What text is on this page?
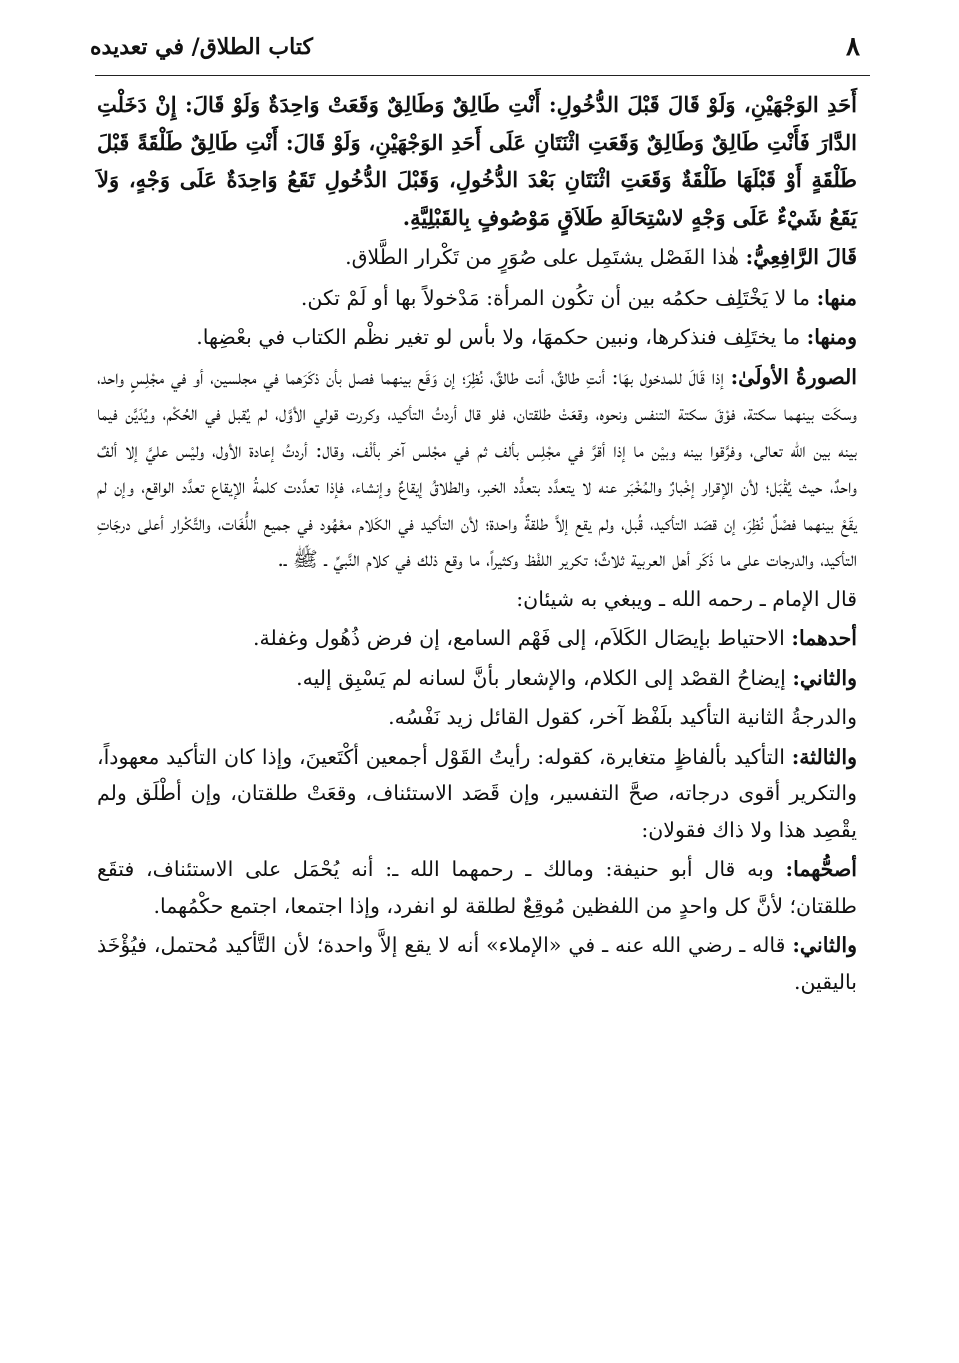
٨
كتاب الطلاق/ في تعديده

أَحَدِ الوَجْهَيْنِ، وَلَوْ قَالَ قَبْلَ الدُّخُولِ: أَنْتِ طَالِقٌ وَطَالِقٌ وَقَعَتْ وَاحِدَةٌ وَلَوْ قَالَ: إِنْ دَخَلْتِ الدَّارَ فَأَنْتِ طَالِقٌ وَطَالِقٌ وَقَعَتِ اثْنَتَانِ عَلَى أَحَدِ الوَجْهَيْنِ، وَلَوْ قَالَ: أَنْتِ طَالِقٌ طَلْقَةً قَبْلَ طَلْقَةٍ أَوْ قَبْلَهَا طَلْقَةٌ وَقَعَتِ اثْنَتَانِ بَعْدَ الدُّخُولِ، وَقَبْلَ الدُّخُولِ تَقَعُ وَاحِدَةٌ عَلَى وَجْهٍ، وَلاَ يَقَعُ شَيْءٌ عَلَى وَجْهٍ لاسْتِحَالَةِ طَلاَقٍ مَوْصُوفٍ بِالقَبْلِيَّةِ.

قَالَ الرَّافِعِيُّ: هٰذا الفَصْل يشتَمِل على صُوَرٍ من تَكْرار الطَّلاق.

منها: ما لا يَخْتَلِف حكمُه بين أن تكُون المرأة: مَدْخولاً بها أو لَمْ تكن.

ومنها: ما يختَلِف فنذكرها، ونبين حكمهَا، ولا بأس لو تغير نظْم الكتاب في بعْضِها.

الصورةُ الأولَىٰ: إذا قَالَ للمدخول بهَا: أنتِ طالقٌ، أنت طالقٌ، نُظِرَ؛ إن وَقَع بينهما فصل بأن ذكَرَهما في مجلسين، أو في مجْلِسٍ واحد، وسكَت بينهما سكتة، فوْقَ سكتة التنفس ونحوه، وقعَتْ طلقتان، فلو قال أردتُ التأكيد، وكررت قولي الأوَّل، لم يُقبل في الحُكْم، ويُدَيَّن فيما بينه بين الله تعالى، وفرَّقوا بينه وبيْن ما إذا أقرَّ في مجْلِس بألف ثم في مجْلس آخر بألْف، وقال: أردتُ إعادة الأول، وليْس عليَّ إلا ألفٌ واحدٌ، حيث يُقْبَل؛ لأن الإقرار إخْبارٌ والمُخْبَر عنه لا يتعدَّد بتعدُّد الخبر، والطلاقُ إيقاعٌ وإنشاء، فإذا تعدَّدت كلمةُ الإيقاع تعدَّد الواقع، وإن لم يقَعْ بينهما فصْلٌ نُظِرَ، إن قصَد التأكيد، قُبل، ولم يقع إلاَّ طلقةٌ واحدة؛ لأن التأكيد في الكَلام معْهُود في جميع اللُّغَات، والتَّكْرار أعلى درجَاتِ التأكيد، والدرجات على ما ذَكَر أهل العربية ثلاثٌ؛ تكرير اللفْظ وكثيراً، ما وقع ذلك في كلام النَّبيِّ ـ ﷺ ـ.

قال الإمام ـ رحمه الله ـ ويبغي به شيئان:

أحدهما: الاحتياط بإيصَال الكَلاَم، إلى فَهْم السامع، إن فرض ذُهُول وغفلة.

والثاني: إيضاحُ القصْد إلى الكلام، والإشعار بأنَّ لسانه لم يَسْبِق إليه.

والدرجةُ الثانية التأكيد بلَفْظ آخر، كقول القائل زيد نَفْسُه.

والثالثة: التأكيد بألفاظٍ متغايرة، كقوله: رأيتُ القَوْل أجمعين أكْتَعينَ، وإذا كان التأكيد معهوداً، والتكرير أقوى درجاته، صحَّ التفسير، وإن قَصَد الاستئناف، وقعَتْ طلقتان، وإن أطْلَق ولم يقْصِد هذا ولا ذاك فقولان:

أصحُّهما: وبه قال أبو حنيفة: ومالك ـ رحمهما الله ـ: أنه يُحْمَل على الاستئناف، فتقَع طلقتان؛ لأنَّ كل واحدٍ من اللفظين مُوقِعٌ لطلقة لو انفرد، وإذا اجتمعا، اجتمع حكْمُهما.

والثاني: قاله ـ رضي الله عنه ـ في «الإملاء» أنه لا يقع إلاَّ واحدة؛ لأن التَّأكيد مُحتمل، فيُؤْخَذ باليقين.
